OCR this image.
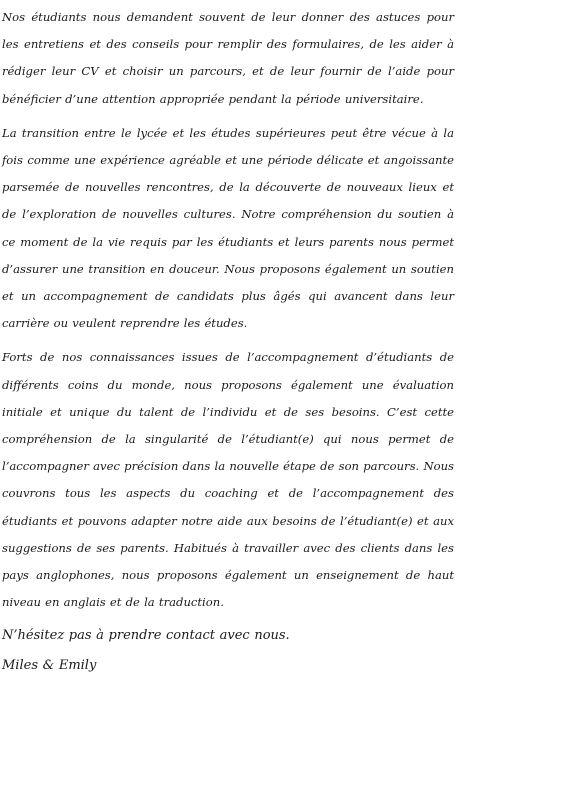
Nos étudiants nous demandent souvent de leur donner des astuces pour les entretiens et des conseils pour remplir des formulaires, de les aider à rédiger leur CV et choisir un parcours, et de leur fournir de l’aide pour bénéficier d’une attention appropriée pendant la période universitaire.

La transition entre le lycée et les études supérieures peut être vécue à la fois comme une expérience agréable et une période délicate et angoissante parsemée de nouvelles rencontres, de la découverte de nouveaux lieux et de l’exploration de nouvelles cultures. Notre compréhension du soutien à ce moment de la vie requis par les étudiants et leurs parents nous permet d’assurer une transition en douceur. Nous proposons également un soutien et un accompagnement de candidats plus âgés qui avancent dans leur carrière ou veulent reprendre les études.

Forts de nos connaissances issues de l’accompagnement d’étudiants de différents coins du monde, nous proposons également une évaluation initiale et unique du talent de l’individu et de ses besoins. C’est cette compréhension de la singularité de l’étudiant(e) qui nous permet de l’accompagner avec précision dans la nouvelle étape de son parcours. Nous couvrons tous les aspects du coaching et de l’accompagnement des étudiants et pouvons adapter notre aide aux besoins de l’étudiant(e) et aux suggestions de ses parents. Habitués à travailler avec des clients dans les pays anglophones, nous proposons également un enseignement de haut niveau en anglais et de la traduction.

N’hésitez pas à prendre contact avec nous.

Miles & Emily
